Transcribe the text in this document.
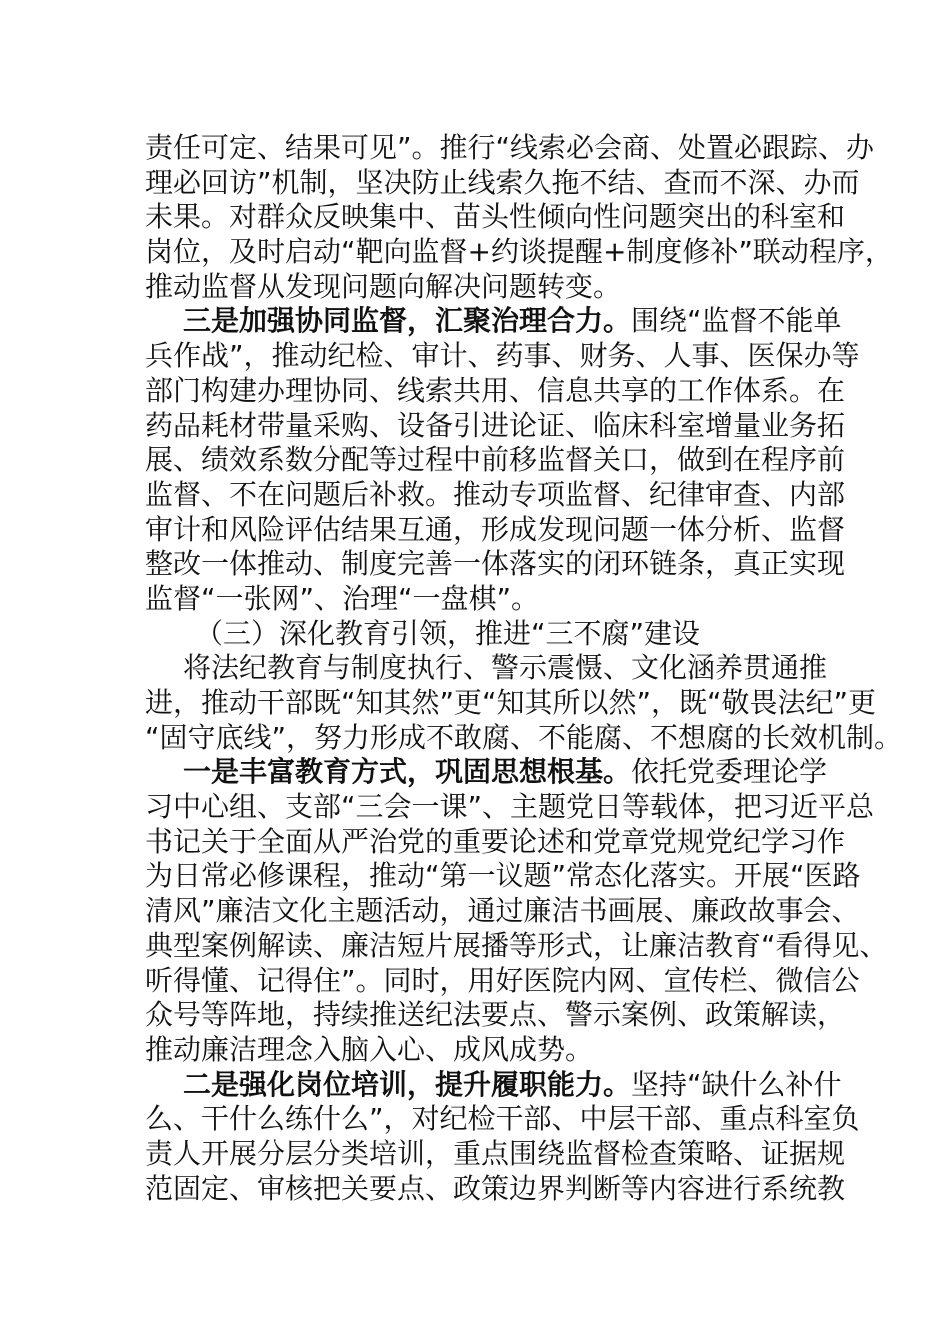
责任可定、结果可见”。推行“线索必会商、处置必跟踪、办
理必回访”机制，坚决防止线索久拖不结、查而不深、办而
未果。对群众反映集中、苗头性倾向性问题突出的科室和
岗位，及时启动“靶向监督+约谈提醒+制度修补”联动程序，
推动监督从发现问题向解决问题转变。
三是加强协同监督，汇聚治理合力。围绕“监督不能单
兵作战”，推动纪检、审计、药事、财务、人事、医保办等
部门构建办理协同、线索共用、信息共享的工作体系。在
药品耗材带量采购、设备引进论证、临床科室增量业务拓
展、绩效系数分配等过程中前移监督关口，做到在程序前
监督、不在问题后补救。推动专项监督、纪律审查、内部
审计和风险评估结果互通，形成发现问题一体分析、监督
整改一体推动、制度完善一体落实的闭环链条，真正实现
监督“一张网”、治理“一盘棋”。
（三）深化教育引领，推进“三不腐”建设
将法纪教育与制度执行、警示震慑、文化涵养贯通推
进，推动干部既“知其然”更“知其所以然”，既“敬畏法纪”更
“固守底线”，努力形成不敢腐、不能腐、不想腐的长效机制。
一是丰富教育方式，巩固思想根基。依托党委理论学
习中心组、支部“三会一课”、主题党日等载体，把习近平总
书记关于全面从严治党的重要论述和党章党规党纪学习作
为日常必修课程，推动“第一议题”常态化落实。开展“医路
清风”廉洁文化主题活动，通过廉洁书画展、廉政故事会、
典型案例解读、廉洁短片展播等形式，让廉洁教育“看得见、
听得懂、记得住”。同时，用好医院内网、宣传栏、微信公
众号等阵地，持续推送纪法要点、警示案例、政策解读，
推动廉洁理念入脑入心、成风成势。
二是强化岗位培训，提升履职能力。坚持“缺什么补什
么、干什么练什么”，对纪检干部、中层干部、重点科室负
责人开展分层分类培训，重点围绕监督检查策略、证据规
范固定、审核把关要点、政策边界判断等内容进行系统教
